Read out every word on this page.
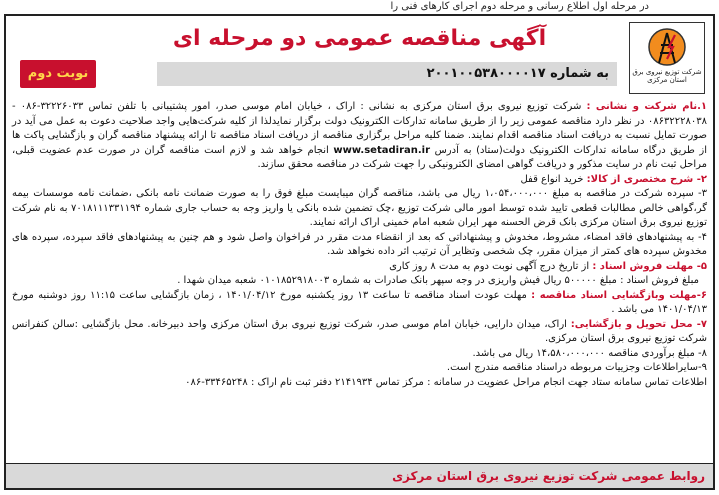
در مرحله اول اطلاع رسانی و مرحله دوم اجرای کارهای فنی را
شرکت توزیع نیروی برق استان مرکزی
آگهی مناقصه عمومی دو مرحله ای
به شماره ۲۰۰۱۰۰۵۳۸۰۰۰۰۱۷
نوبت دوم

۱.نام شرکت و نشانی : شرکت توزیع نیروی برق استان مرکزی به نشانی : اراک ، خیابان امام موسی صدر، امور پشتیبانی با تلفن تماس ۳۲۲۲۶۰۳۳-۰۸۶ - ۰۸۶۳۲۲۲۸۰۳۸ در نظر دارد مناقصه عمومی زیر را از طریق سامانه تدارکات الکترونیک دولت برگزار نمایدلذا از کلیه شرکت‌هایی واجد صلاحیت دعوت به عمل می آید در صورت تمایل نسبت به دریافت اسناد مناقصه اقدام نمایند. ضمنا کلیه مراحل برگزاری مناقصه از دریافت اسناد مناقصه تا ارائه پیشنهاد مناقصه گران و بازگشایی پاکت ها از طریق درگاه سامانه تدارکات الکترونیک دولت(ستاد) به آدرس www.setadiran.ir انجام خواهد شد و لازم است مناقصه گران در صورت عدم عضویت قبلی، مراحل ثبت نام در سایت مذکور و دریافت گواهی امضای الکترونیکی را جهت شرکت در مناقصه محقق سازند.

۲- شرح مختصری از کالا: خرید انواع قفل

۳- سپرده شرکت در مناقصه به مبلغ ۱،۰۵۴،۰۰۰،۰۰۰ ریال می باشد، مناقصه گران میبایست مبلغ فوق را به صورت ضمانت نامه بانکی ،ضمانت نامه موسسات بیمه گر،گواهی خالص مطالبات قطعی تایید شده توسط امور مالی شرکت توزیع ،چک تضمین شده بانکی یا واریز وجه به حساب جاری شماره ۷۰۱۸۱۱۱۳۳۱۱۹۴ به نام شرکت توزیع نیروی برق استان مرکزی بانک قرض الحسنه مهر ایران شعبه امام خمینی اراک ارائه نمایند.

۴- به پیشنهادهای فاقد امضاء، مشروط، مخدوش و پیشنهاداتی که بعد از انقضاء مدت مقرر در فراخوان واصل شود و هم چنین به پیشنهادهای فاقد سپرده، سپرده های مخدوش سپرده های کمتر از میزان مقرر، چک شخصی وتظایر آن ترتیب اثر داده نخواهد شد.

۵- مهلت فروش اسناد : از تاریخ درج آگهی نوبت دوم به مدت ۸ روز کاری

مبلغ فروش اسناد : مبلغ ۵۰۰۰۰۰ ریال فیش واریزی در وجه سپهر بانک صادرات به شماره ۰۱۰۱۸۵۲۹۱۸۰۰۳ شعبه میدان شهدا .

۶-مهلت وبازگشایی اسناد مناقصه : مهلت عودت اسناد مناقصه تا ساعت ۱۳ روز یکشنبه مورخ ۱۴۰۱/۰۴/۱۲ ، زمان بازگشایی ساعت ۱۱:۱۵ روز دوشنبه مورخ ۱۴۰۱/۰۴/۱۳ می باشد .

۷- محل تحویل و بازگشایی: اراک، میدان دارایی، خیابان امام موسی صدر، شرکت توزیع نیروی برق استان مرکزی واحد دبیرخانه. محل بازگشایی :سالن کنفرانس شرکت توزیع نیروی برق استان مرکزی.

۸- مبلغ برآوردی مناقصه ۱۴،۵۸۰،۰۰۰،۰۰۰ ریال می باشد.

۹-سایراطلاعات وجزییات مربوطه دراسناد مناقصه مندرج است.

اطلاعات تماس سامانه ستاد جهت انجام مراحل عضویت در سامانه : مرکز تماس ۲۱۴۱۹۳۴ دفتر ثبت نام اراک : ۳۳۴۶۵۲۴۸-۰۸۶

روابط عمومی شرکت توزیع نیروی برق استان مرکزی
